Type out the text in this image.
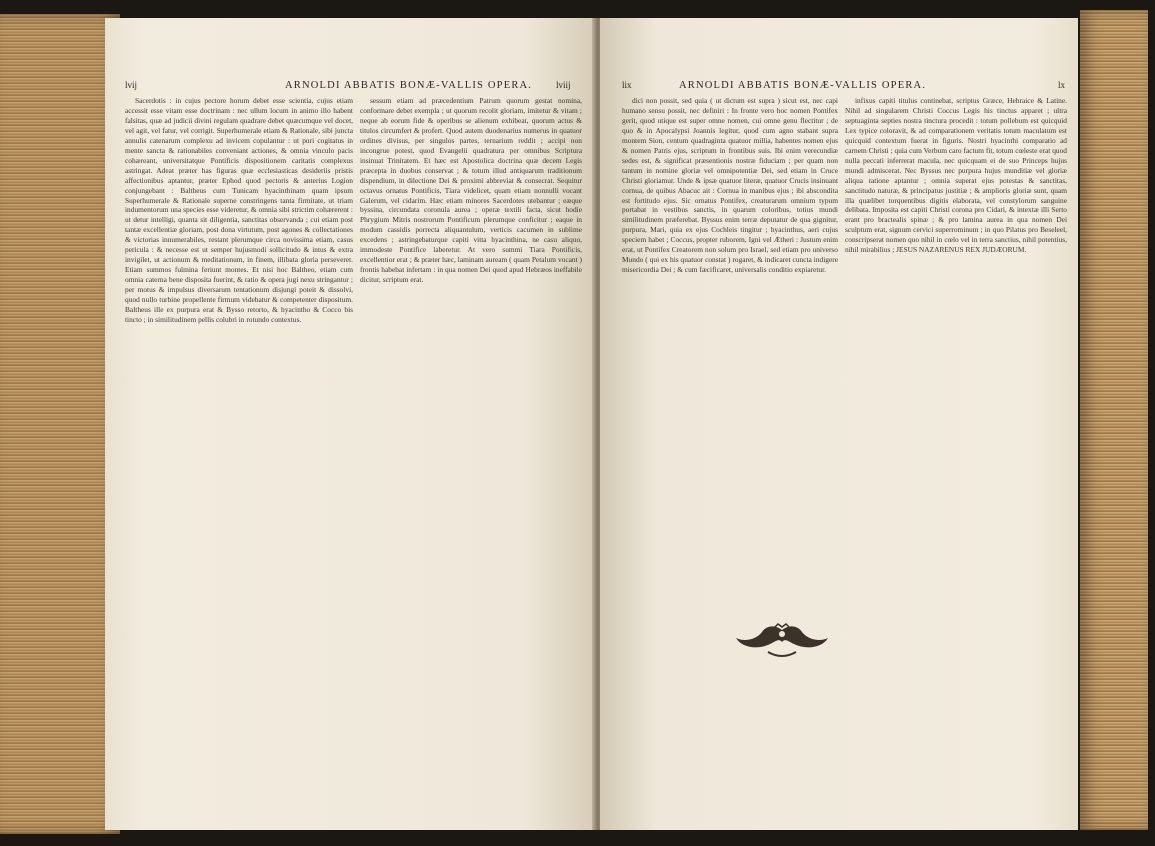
lvij	ARNOLDI ABBATIS BONÆ-VALLIS OPERA.	lviij	lix	ARNOLDI ABBATIS BONÆ-VALLIS OPERA.	lx

Sacerdotis : in cujus pectore horum debet esse scientia, cujus etiam accessit esse vitam esse doctrinam : nec ullum locum in animo illo habent falsitas, quæ ad judicii divini regulam quadrare debet quæcumque vel docet, vel agit, vel fatur, vel corrigit. Superhumerale etiam & Rationale, sibi juncta annulis catenarum complexu ad invicem copulantur : ut puri cogitatus in mente sancta & rationabiles conveniant actiones, & omnia vinculo pacis cohæreant, universitatque Pontificis dispositionem caritatis complexus astringat. Adeat præter has figuras quæ ecclesiasticas desideriis pristis affectionibus aptantur, præter Ephod quod pectoris & anterius Logion conjungebant : Baltheus cum Tunicam hyacinthinam quam ipsum Superhumerale & Rationale superne constringens tanta firmitate, ut triam indumentorum una species esse videretur, & omnia sibi strictim cohærerent : ut detur intelligi, quanta sit diligentia, sanctitas observanda ; cui etiam post tantæ excellentiæ gloriam, post dona virtutum, post agones & collectationes & victorias innumerabiles, restant plerumque circa novissima etiam, casus pericula : & necesse est ut semper hujusmodi sollicitudo & intus & extra invigilet, ut actionum & meditationum, in finem, illibata gloria perseveret. Etiam summos fulmina feriunt montes. Et nisi hoc Baltheo, etiam cum omnia caterna bene disposita fuerint, & ratio & opera jugi nexu stringantur ; per motus & impulsus diversarum tentationum disjungi poteit & dissolvi, quod nullo turbine propellente firmum videbatur & competenter dispositum. Baltheus ille ex purpura erat & Bysso retorto, & hyacintho & Cocco bis tincto ; in similitudinem pellis colubri in rotundo contextus.

sessum etiam ad præcedentium Patrum quorum gestat nomina, conformare debet exempla ; ut quorum recolit gloriam, imitetur & vitam ; neque ab eorum fide & operibus se alienum exhibeat, quorum actus & titulos circumfert & profert. Quod autem duodenarius numerus in quatuor ordines divisus, per singulos partes, ternarium reddit ; accipi non incongrue potest, quod Evangelii quadratura per omnibus Scriptura insinuat Trinitatem. Et hæc est Apostolica doctrina quæ decem Legis præcepta in duobus conservat ; & totum illud antiquarum traditionum dispendium, in dilectione Dei & proximi abbreviat & consecrat. Sequitur octavus ornatus Pontificis, Tiara videlicet, quam etiam nonnulli vocant Galerum, vel cidarim. Hæc etiam minores Sacerdotes utebantur ; eæque byssina, circundata coronula aurea ; operæ textili facta, sicut hodie Phrygium Mitris nostrorum Pontificum plerumque conficitur ; eaque in modum cassidis porrecta aliquantulum, verticis cacumen in sublime excedens ; astringebaturque capiti vitta hyacinthina, ne casu aliquo, immodeste Pontifice laberetur. At vero summi Tiara Pontificis, excellentior erat ; & præter hæc, laminam auream ( quam Petalum vocant ) frontis habebat infertam : in qua nomen Dei quod apud Hebræos ineffabile dicitur, scriptum erat.

dici non possit, sed quia ( ut dictum est supra ) sicut est, nec capi humano sensu possit, nec definiri : In fronte vero hoc nomen Pontifex gerit, quod utique est super omne nomen, cui omne genu flectitur ; de quo & in Apocalypsi Joannis legitur, quod cum agno stabant supra montem Sion, centum quadraginta quatuor millia, habentes nomen ejus & nomen Patris ejus, scriptum in frontibus suis. Ibi enim verecundiæ sedes est, & significat præsentionis nostræ fiduciam ; per quam non tantum in nomine gloriæ vel omnipotentiæ Dei, sed etiam in Cruce Christi gloriamur. Unde & ipsæ quatuor literæ, quatuor Crucis insinuant cornua, de quibus Abacuc ait : Cornua in manibus ejus ; ibi abscondita est fortitudo ejus. Sic ornatus Pontifex, creaturarum omnium typum portabat in vestibus sanctis, in quarum coloribus, totius mundi similitudinem præferebat. Byssus enim terræ deputatur de qua gignitur, purpura, Mari, quia ex ejus Cochleis tingitur ; hyacinthus, aeri cujus speciem habet ; Coccus, propter ruborem, Igni vel Ætheri : Justum enim erat, ut Pontifex Creatorem non solum pro Israel, sed etiam pro universo Mundo ( qui ex his quatuor constat ) rogaret, & indicaret cuncta indigere misericordia Dei ; & cum fæcificaret, universalis conditio expiaretur.

infixus capiti titulus continebat, scriptus Græce, Hebraice & Latine. Nihil ad singularem Christi Coccus Legis his tinctus apparet ; ultra septuaginta septies nostra tinctura procedit : totum pollebum est quicquid Lex typice coloravit, & ad comparationem veritatis totum maculatum est quicquid contextum fuerat in figuris. Nostri hyacinthi comparatio ad carnem Christi ; quia cum Verbum caro factum fit, totum cœleste erat quod nulla peccati inferrerat macula, nec quicquam ei de suo Princeps hujus mundi admiscerat. Nec Byssus nec purpura hujus munditiæ vel gloriæ aliqua ratione aptantur ; omnia superat ejus potestas & sanctitas, sanctitudo naturæ, & principatus justitiæ ; & amplioris gloriæ sunt, quam illa quælibet torquentibus digitis elaborata, vel constylorum sanguine delibata. Imposita est capiti Christi corona pro Cidari, & intextæ illi Serto erant pro bractealis spinæ ; & pro lamina aurea in qua nomen Dei sculptum erat, signum cervici superrominum ; in quo Pilatus pro Beseleel, conscripserat nomen quo nihil in cœlo vel in terra sanctius, nihil potentius, nihil mirabilius ; JESUS NAZARENUS REX JUDÆORUM.
